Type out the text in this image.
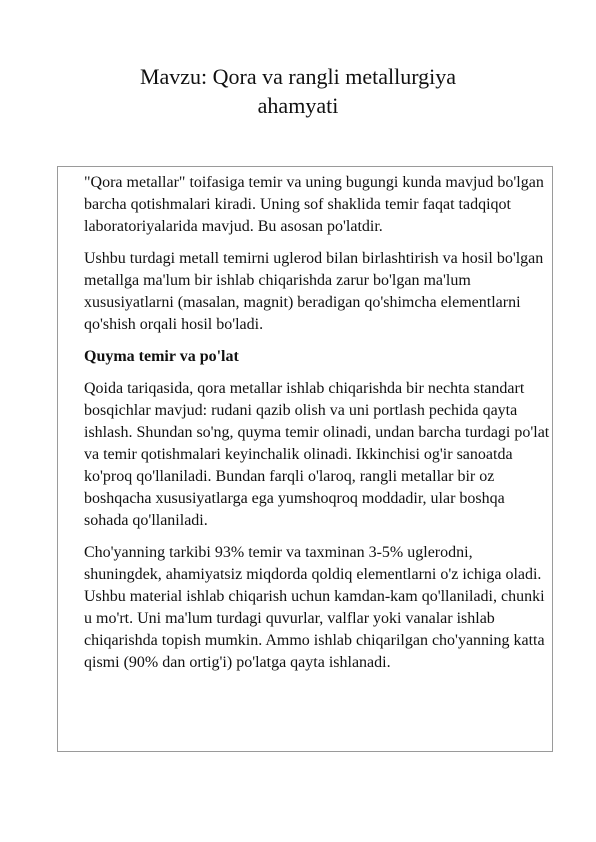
Mavzu: Qora va rangli metallurgiya
ahamyati

"Qora metallar" toifasiga temir va uning bugungi kunda mavjud bo'lgan barcha qotishmalari kiradi. Uning sof shaklida temir faqat tadqiqot laboratoriyalarida mavjud. Bu asosan po'latdir.

Ushbu turdagi metall temirni uglerod bilan birlashtirish va hosil bo'lgan metallga ma'lum bir ishlab chiqarishda zarur bo'lgan ma'lum xususiyatlarni (masalan, magnit) beradigan qo'shimcha elementlarni qo'shish orqali hosil bo'ladi.

Quyma temir va po'lat

Qoida tariqasida, qora metallar ishlab chiqarishda bir nechta standart bosqichlar mavjud: rudani qazib olish va uni portlash pechida qayta ishlash. Shundan so'ng, quyma temir olinadi, undan barcha turdagi po'lat va temir qotishmalari keyinchalik olinadi. Ikkinchisi og'ir sanoatda ko'proq qo'llaniladi. Bundan farqli o'laroq, rangli metallar bir oz boshqacha xususiyatlarga ega yumshoqroq moddadir, ular boshqa sohada qo'llaniladi.

Cho'yanning tarkibi 93% temir va taxminan 3-5% uglerodni, shuningdek, ahamiyatsiz miqdorda qoldiq elementlarni o'z ichiga oladi. Ushbu material ishlab chiqarish uchun kamdan-kam qo'llaniladi, chunki u mo'rt. Uni ma'lum turdagi quvurlar, valflar yoki vanalar ishlab chiqarishda topish mumkin. Ammo ishlab chiqarilgan cho'yanning katta qismi (90% dan ortig'i) po'latga qayta ishlanadi.
